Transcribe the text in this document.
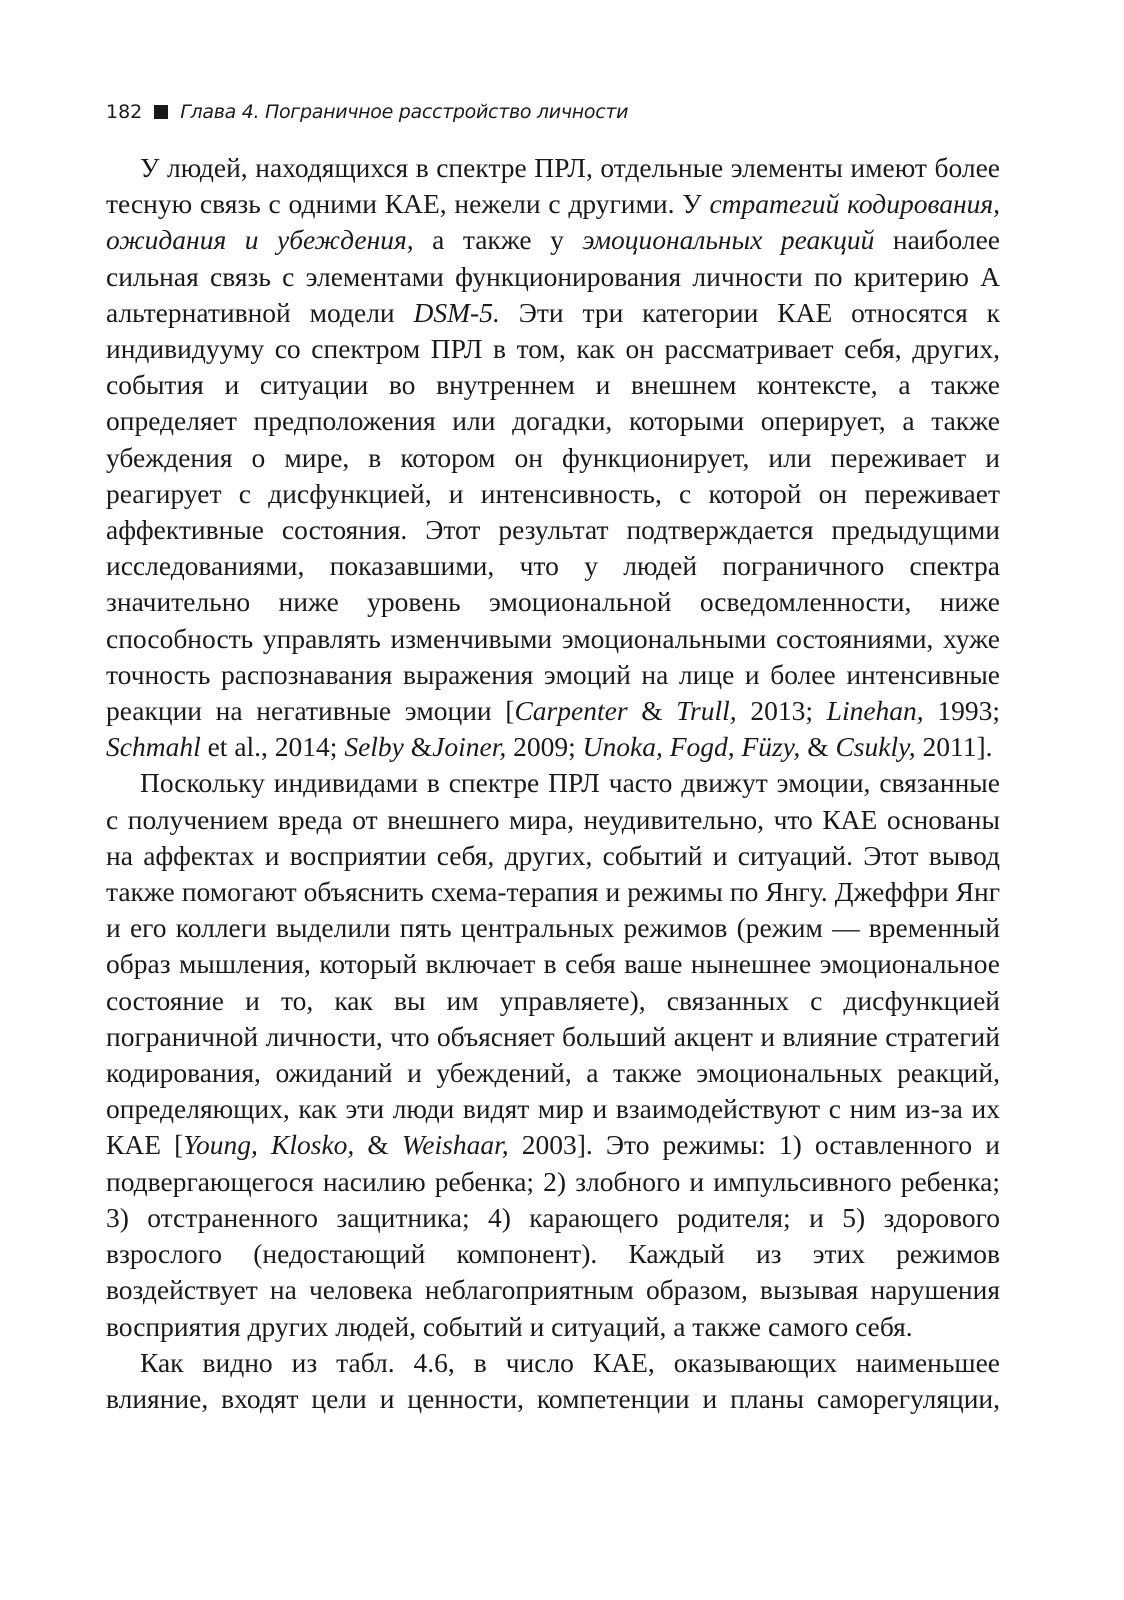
182 Глава 4. Пограничное расстройство личности

У людей, находящихся в спектре ПРЛ, отдельные элементы имеют более тесную связь с одними КАЕ, нежели с другими. У стратегий кодирования, ожидания и убеждения, а также у эмоциональных реакций наиболее сильная связь с элементами функционирования личности по критерию А альтернативной модели DSM-5. Эти три категории КАЕ относятся к индивидууму со спектром ПРЛ в том, как он рассматривает себя, других, события и ситуации во внутреннем и внешнем контексте, а также определяет предположения или догадки, которыми оперирует, а также убеждения о мире, в котором он функционирует, или переживает и реагирует с дисфункцией, и интенсивность, с которой он переживает аффективные состояния. Этот результат подтверждается предыдущими исследованиями, показавшими, что у людей пограничного спектра значительно ниже уровень эмоциональной осведомленности, ниже способность управлять изменчивыми эмоциональными состояниями, хуже точность распознавания выражения эмоций на лице и более интенсивные реакции на негативные эмоции [Carpenter & Trull, 2013; Linehan, 1993; Schmahl et al., 2014; Selby &Joiner, 2009; Unoka, Fogd, Füzy, & Csukly, 2011].

Поскольку индивидами в спектре ПРЛ часто движут эмоции, связанные с получением вреда от внешнего мира, неудивительно, что КАЕ основаны на аффектах и восприятии себя, других, событий и ситуаций. Этот вывод также помогают объяснить схема-терапия и режимы по Янгу. Джеффри Янг и его коллеги выделили пять центральных режимов (режим — временный образ мышления, который включает в себя ваше нынешнее эмоциональное состояние и то, как вы им управляете), связанных с дисфункцией пограничной личности, что объясняет больший акцент и влияние стратегий кодирования, ожиданий и убеждений, а также эмоциональных реакций, определяющих, как эти люди видят мир и взаимодействуют с ним из-за их КАЕ [Young, Klosko, & Weishaar, 2003]. Это режимы: 1) оставленного и подвергающегося насилию ребенка; 2) злобного и импульсивного ребенка; 3) отстраненного защитника; 4) карающего родителя; и 5) здорового взрослого (недостающий компонент). Каждый из этих режимов воздействует на человека неблагоприятным образом, вызывая нарушения восприятия других людей, событий и ситуаций, а также самого себя.

Как видно из табл. 4.6, в число КАЕ, оказывающих наименьшее влияние, входят цели и ценности, компетенции и планы саморегуляции,
